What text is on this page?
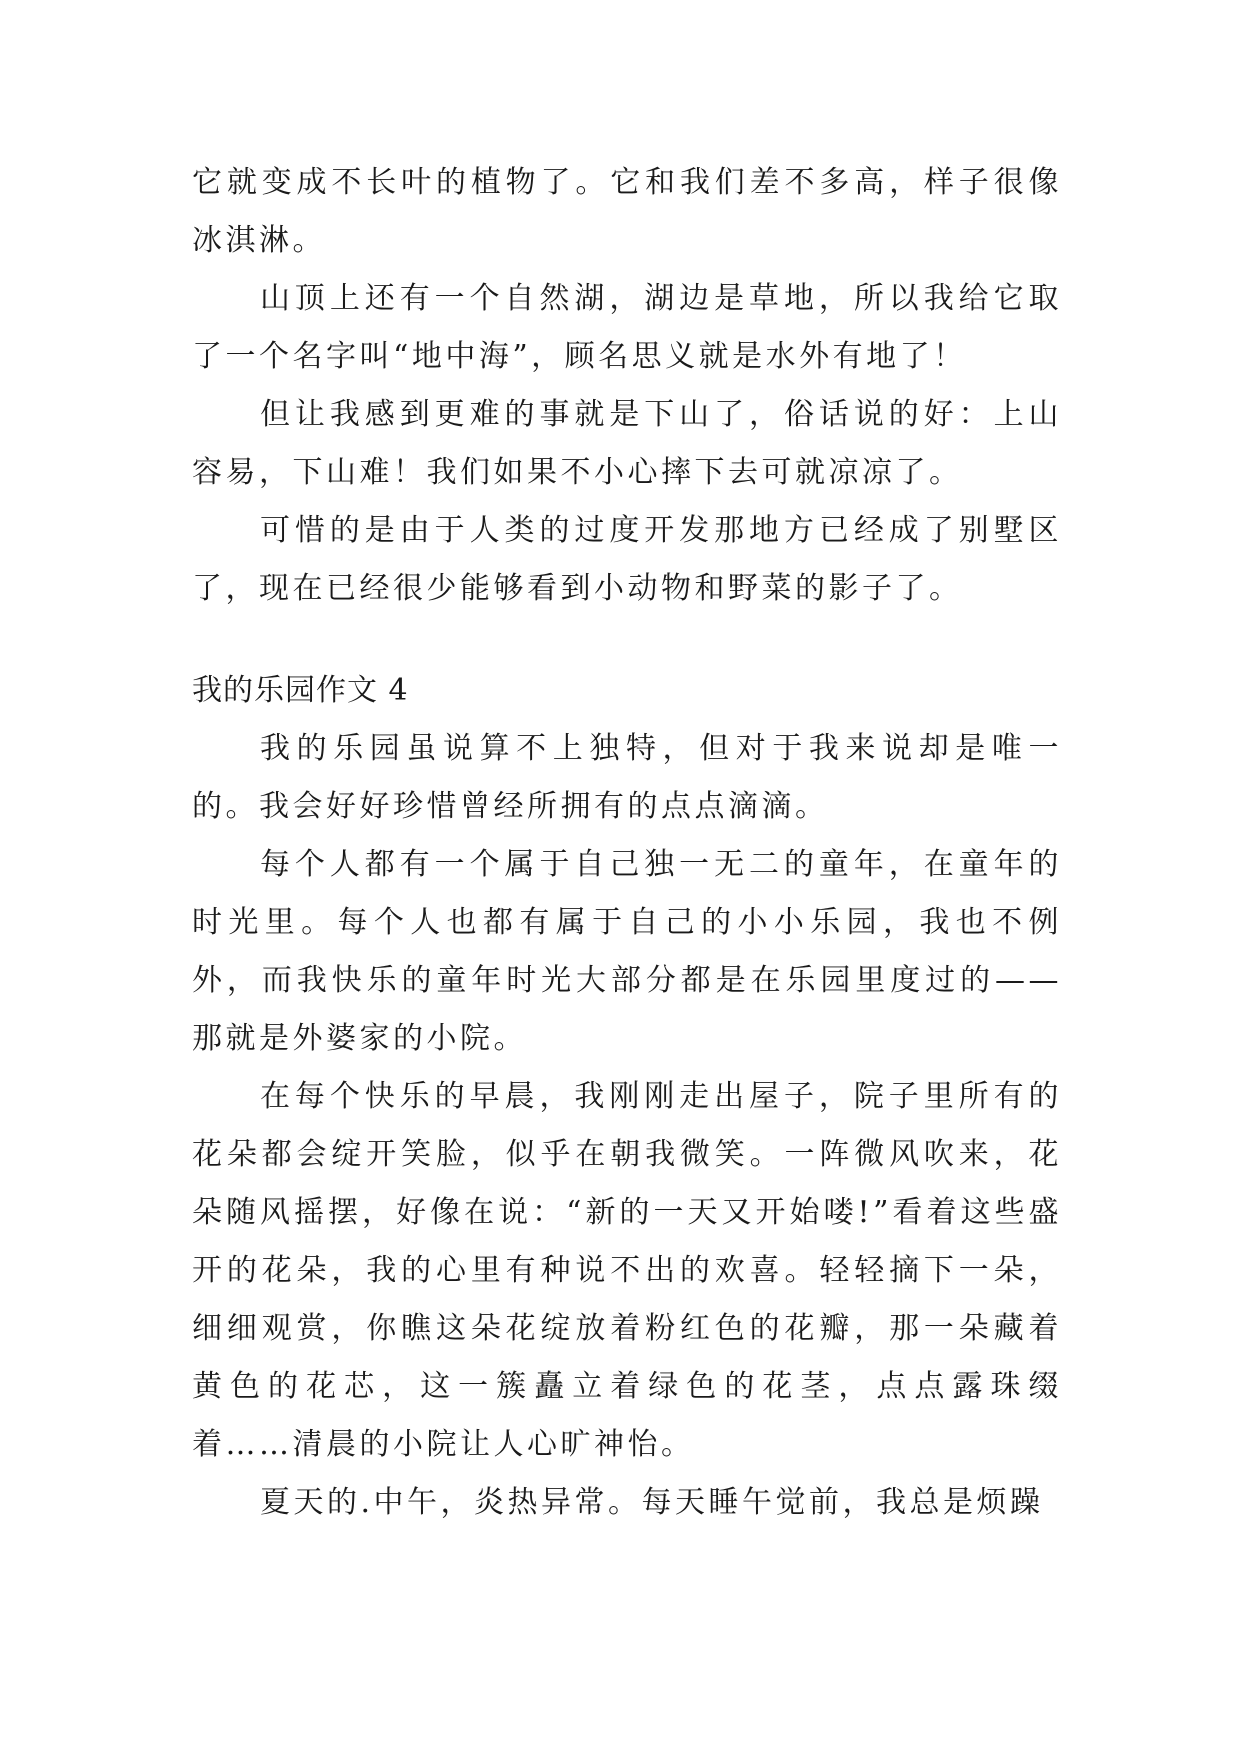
它就变成不长叶的植物了。它和我们差不多高，样子很像冰淇淋。

山顶上还有一个自然湖，湖边是草地，所以我给它取了一个名字叫“地中海”，顾名思义就是水外有地了！

但让我感到更难的事就是下山了，俗话说的好：上山容易，下山难！我们如果不小心摔下去可就凉凉了。

可惜的是由于人类的过度开发那地方已经成了别墅区了，现在已经很少能够看到小动物和野菜的影子了。

我的乐园作文 4

我的乐园虽说算不上独特，但对于我来说却是唯一的。我会好好珍惜曾经所拥有的点点滴滴。

每个人都有一个属于自己独一无二的童年，在童年的时光里。每个人也都有属于自己的小小乐园，我也不例外，而我快乐的童年时光大部分都是在乐园里度过的——那就是外婆家的小院。

在每个快乐的早晨，我刚刚走出屋子，院子里所有的花朵都会绽开笑脸，似乎在朝我微笑。一阵微风吹来，花朵随风摇摆，好像在说：“新的一天又开始喽!”看着这些盛开的花朵，我的心里有种说不出的欢喜。轻轻摘下一朵，细细观赏，你瞧这朵花绽放着粉红色的花瓣，那一朵藏着黄色的花芯，这一簇矗立着绿色的花茎，点点露珠缀着……清晨的小院让人心旷神怡。

夏天的.中午，炎热异常。每天睡午觉前，我总是烦躁
